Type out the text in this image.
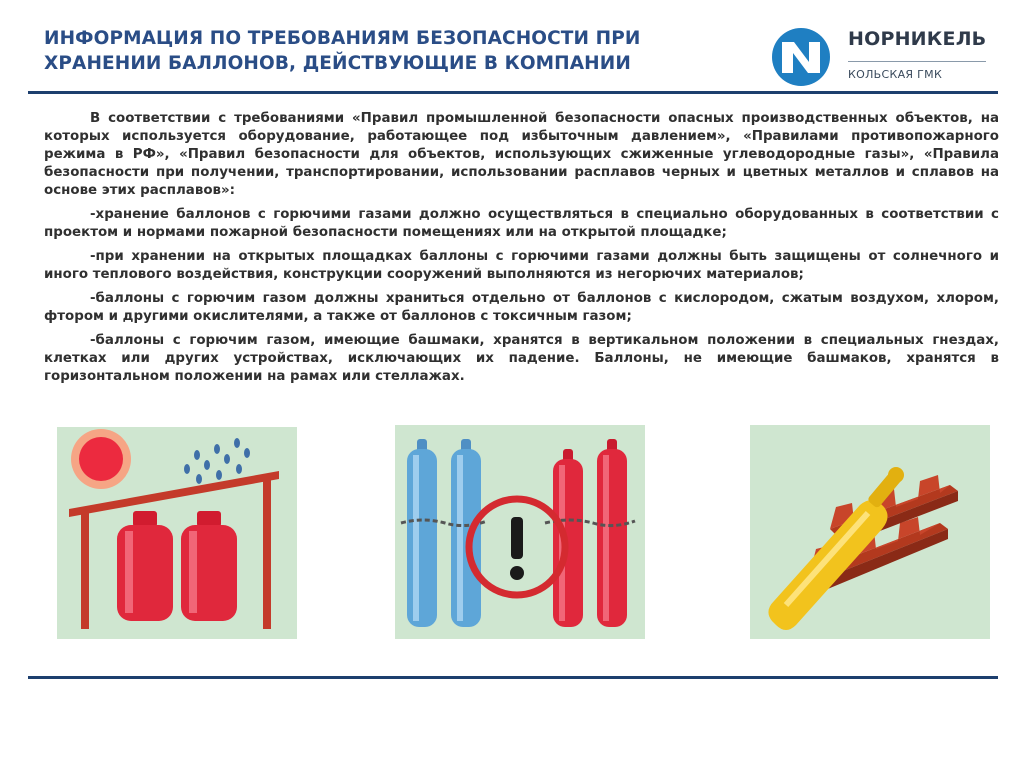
ИНФОРМАЦИЯ ПО ТРЕБОВАНИЯМ БЕЗОПАСНОСТИ ПРИ
ХРАНЕНИИ БАЛЛОНОВ, ДЕЙСТВУЮЩИЕ В КОМПАНИИ
НОРНИКЕЛЬ
КОЛЬСКАЯ ГМК

В соответствии с требованиями «Правил промышленной безопасности опасных производственных объектов, на которых используется оборудование, работающее под избыточным давлением», «Правилами противопожарного режима в РФ», «Правил безопасности для объектов, использующих сжиженные углеводородные газы», «Правила безопасности при получении, транспортировании, использовании расплавов черных и цветных металлов и сплавов на основе этих расплавов»:

-хранение баллонов с горючими газами должно осуществляться в специально оборудованных в соответствии с проектом и нормами пожарной безопасности помещениях или на открытой площадке;

-при хранении на открытых площадках баллоны с горючими газами должны быть защищены от солнечного и иного теплового воздействия, конструкции сооружений выполняются из негорючих материалов;

-баллоны с горючим газом должны храниться отдельно от баллонов с кислородом, сжатым воздухом, хлором, фтором и другими окислителями, а также от баллонов с токсичным газом;

-баллоны с горючим газом, имеющие башмаки, хранятся в вертикальном положении в специальных гнездах, клетках или других устройствах, исключающих их падение. Баллоны, не имеющие башмаков, хранятся в горизонтальном положении на рамах или стеллажах.
